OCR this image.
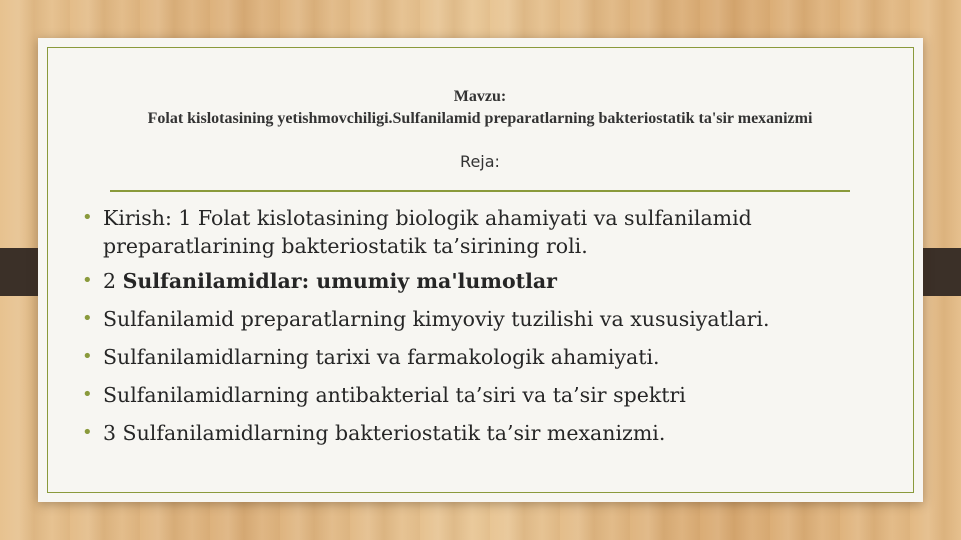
Mavzu:
Folat kislotasining yetishmovchiligi.Sulfanilamid preparatlarning bakteriostatik ta'sir mexanizmi
Reja:
• Kirish: 1 Folat kislotasining biologik ahamiyati va sulfanilamid preparatlarining bakteriostatik ta’sirining roli.
• 2 Sulfanilamidlar: umumiy ma'lumotlar
• Sulfanilamid preparatlarning kimyoviy tuzilishi va xususiyatlari.
• Sulfanilamidlarning tarixi va farmakologik ahamiyati.
• Sulfanilamidlarning antibakterial ta’siri va ta’sir spektri
• 3 Sulfanilamidlarning bakteriostatik ta’sir mexanizmi.
